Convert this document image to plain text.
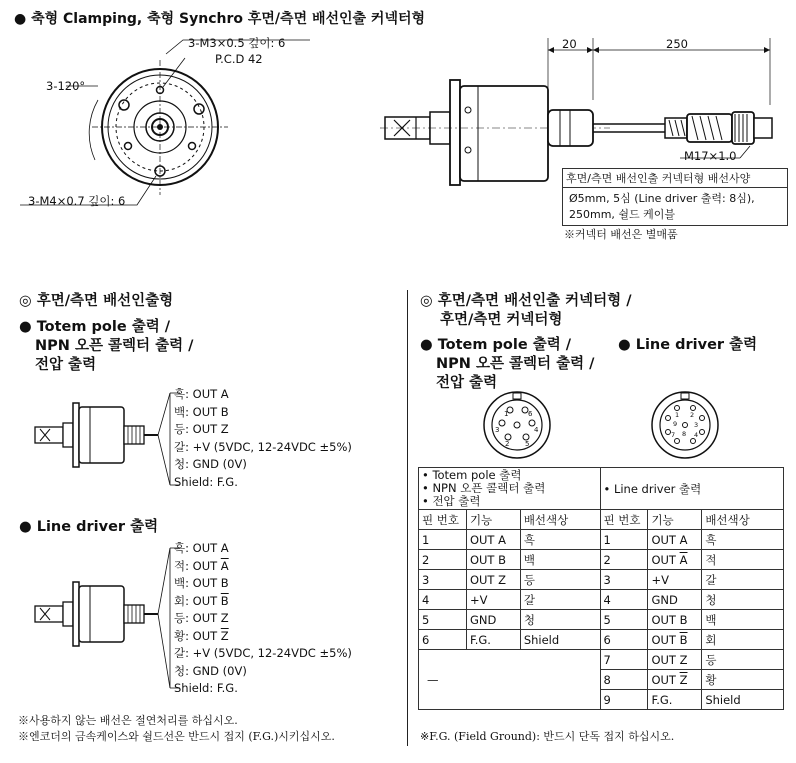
● 축형 Clamping, 축형 Synchro 후면/측면 배선인출 커넥터형
3-M3×0.5 깊이: 6
P.C.D 42
3-120°
3-M4×0.7 깊이: 6
20	250
M17×1.0
후면/측면 배선인출 커넥터형 배선사양
Ø5mm, 5심 (Line driver 출력: 8심),
250mm, 쉴드 케이블
※커넥터 배선은 별매품
◎ 후면/측면 배선인출형
● Totem pole 출력 /
NPN 오픈 콜렉터 출력 /
전압 출력
흑: OUT A
백: OUT B
등: OUT Z
갈: +V (5VDC, 12-24VDC ±5%)
청: GND (0V)
Shield: F.G.
● Line driver 출력
흑: OUT A
적: OUT $\overline{A}$
백: OUT B
회: OUT $\overline{B}$
등: OUT Z
황: OUT $\overline{Z}$
갈: +V (5VDC, 12-24VDC ±5%)
청: GND (0V)
Shield: F.G.
※사용하지 않는 배선은 절연처리를 하십시오.
※엔코더의 금속케이스와 쉴드선은 반드시 접지 (F.G.)시키십시오.
◎ 후면/측면 배선인출 커넥터형 /
후면/측면 커넥터형
● Totem pole 출력 /
NPN 오픈 콜렉터 출력 /
전압 출력
● Line driver 출력
1	6
3	4
2 5
1 2
9	3
7 8 4
• Totem pole 출력
• NPN 오픈 콜렉터 출력
• 전압 출력			• Line driver 출력		
핀 번호	기능	배선색상	핀 번호	기능	배선색상
1	OUT A	흑	1	OUT A	흑
2	OUT B	백	2	OUT $\overline{A}$	적
3	OUT Z	등	3	+V	갈
4	+V	갈	4	GND	청
5	GND	청	5	OUT B	백
6	F.G.	Shield	6	OUT $\overline{B}$	회
—			7	OUT Z	등
			8	OUT $\overline{Z}$	황
			9	F.G.	Shield
※F.G. (Field Ground): 반드시 단독 접지 하십시오.
